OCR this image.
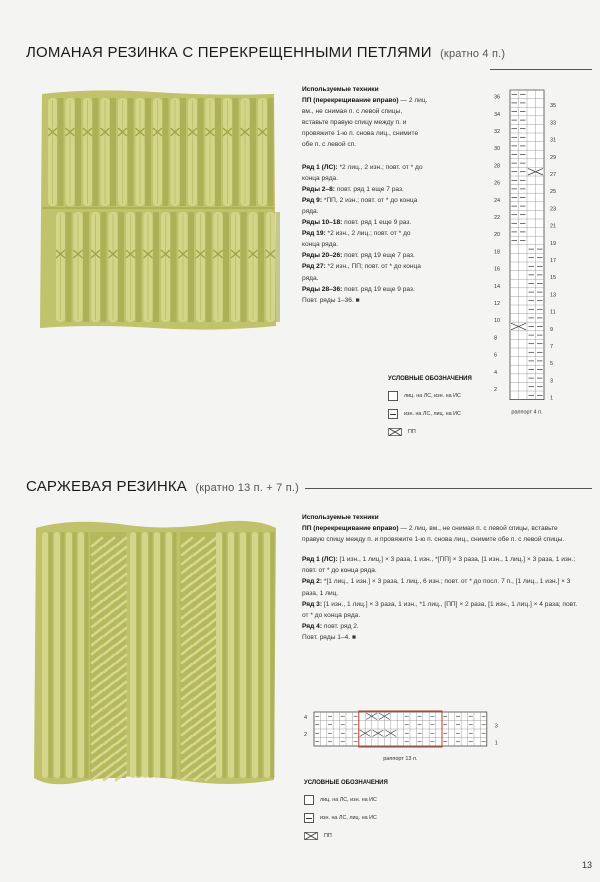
ЛОМАНАЯ РЕЗИНКА С ПЕРЕКРЕЩЕННЫМИ ПЕТЛЯМИ (кратно 4 п.)

Используемые техники

ПП (перекрещивание вправо) — 2 лиц. вм., не снимая п. с левой спицы, вставьте правую спицу между п. и провяжите 1-ю п. снова лиц., снимите обе п. с левой сп.

Ряд 1 (ЛС): *2 лиц., 2 изн.; повт. от * до конца ряда.

Ряды 2–8: повт. ряд 1 еще 7 раз.

Ряд 9: *ПП, 2 изн.; повт. от * до конца ряда.

Ряды 10–18: повт. ряд 1 еще 9 раз.

Ряд 19: *2 изн., 2 лиц.; повт. от * до конца ряда.

Ряды 20–26: повт. ряд 19 еще 7 раз.

Ряд 27: *2 изн., ПП; повт. от * до конца ряда.

Ряды 28–36: повт. ряд 19 еще 9 раз.

Повт. ряды 1–36. ■

УСЛОВНЫЕ ОБОЗНАЧЕНИЯ
лиц. на ЛС, изн. на ИС
изн. на ЛС, лиц. на ИС
ПП
36
34
32
30
28
26
24
22
20
18
16
14
12
10
8
6
4
2
35
33
31
29
27
25
23
21
19
17
15
13
11
9
7
5
3
1
раппорт 4 п.
САРЖЕВАЯ РЕЗИНКА (кратно 13 п. + 7 п.)

Используемые техники

ПП (перекрещивание вправо) — 2 лиц. вм., не снимая п. с левой спицы, вставьте правую спицу между п. и провяжите 1-ю п. снова лиц., снимите обе п. с левой спицы.

Ряд 1 (ЛС): [1 изн., 1 лиц.] × 3 раза, 1 изн., *[ПП] × 3 раза, [1 изн., 1 лиц.] × 3 раза, 1 изн.; повт. от * до конца ряда.

Ряд 2: *[1 лиц., 1 изн.] × 3 раза, 1 лиц., 6 изн.; повт. от * до посл. 7 п., [1 лиц., 1 изн.] × 3 раза, 1 лиц.

Ряд 3: [1 изн., 1 лиц.] × 3 раза, 1 изн., *1 лиц., [ПП] × 2 раза, [1 изн., 1 лиц.] × 4 раза; повт. от * до конца ряда.

Ряд 4: повт. ряд 2.

Повт. ряды 1–4. ■

4
2
3
1
раппорт 13 п.
УСЛОВНЫЕ ОБОЗНАЧЕНИЯ
лиц. на ЛС, изн. на ИС
изн. на ЛС, лиц. на ИС
ПП
13
